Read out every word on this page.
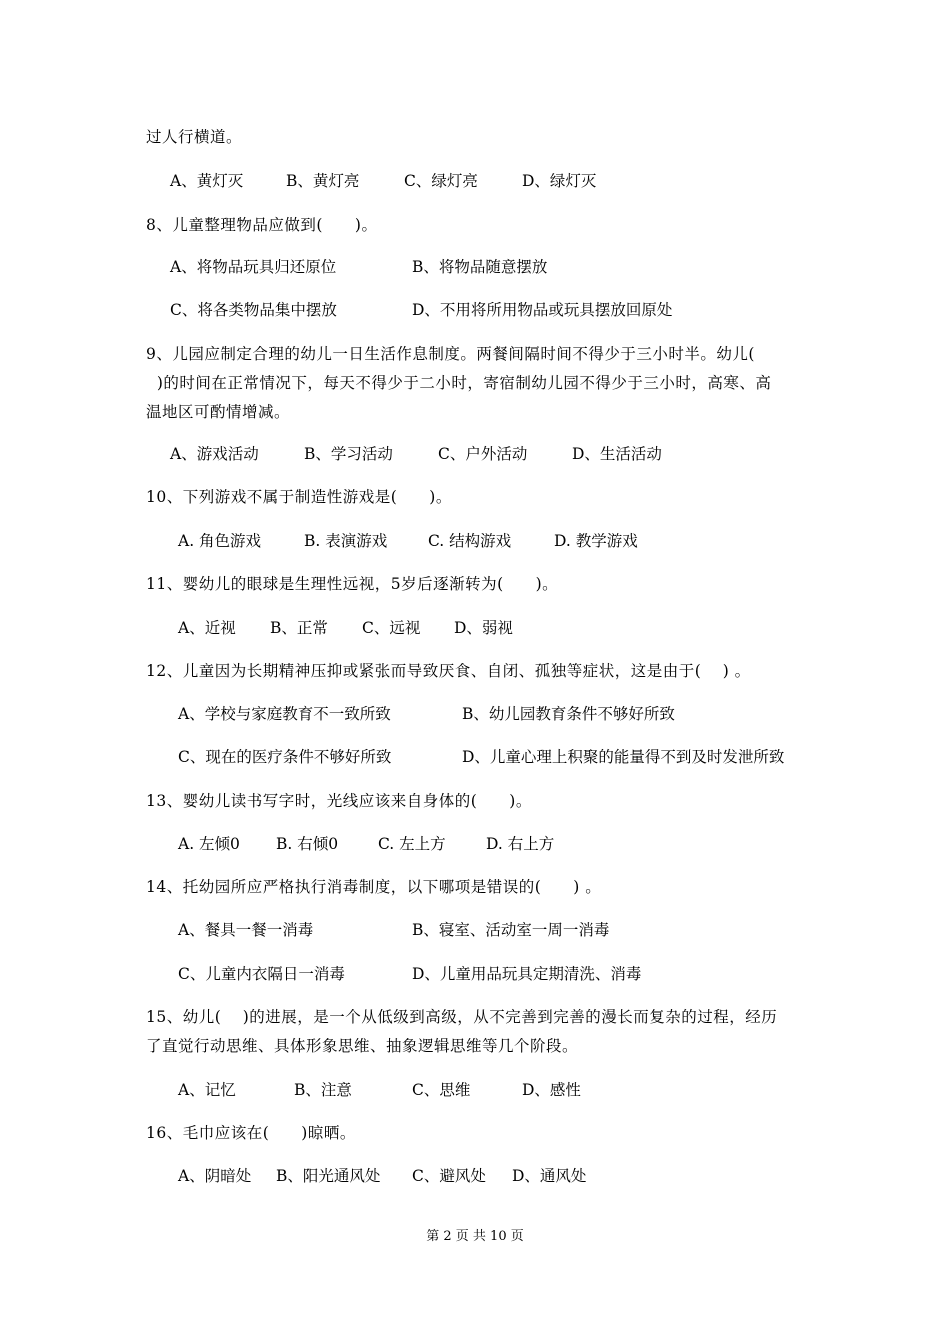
过人行横道。
A、黄灯灭	B、黄灯亮	C、绿灯亮	D、绿灯灭
8、儿童整理物品应做到(　　)。
A、将物品玩具归还原位	B、将物品随意摆放
C、将各类物品集中摆放	D、不用将所用物品或玩具摆放回原处
9、儿园应制定合理的幼儿一日生活作息制度。两餐间隔时间不得少于三小时半。幼儿(
)的时间在正常情况下，每天不得少于二小时，寄宿制幼儿园不得少于三小时，高寒、高
温地区可酌情增减。
A、游戏活动	B、学习活动	C、户外活动	D、生活活动
10、下列游戏不属于制造性游戏是(　　)。
A. 角色游戏	B. 表演游戏	C. 结构游戏	D. 教学游戏
11、婴幼儿的眼球是生理性远视，5岁后逐渐转为(　　)。
A、近视 B、正常 C、远视 D、弱视
12、儿童因为长期精神压抑或紧张而导致厌食、自闭、孤独等症状，这是由于(　 ) 。
A、学校与家庭教育不一致所致	B、幼儿园教育条件不够好所致
C、现在的医疗条件不够好所致	D、儿童心理上积聚的能量得不到及时发泄所致
13、婴幼儿读书写字时，光线应该来自身体的(　　)。
A. 左倾0 B. 右倾0	C. 左上方	D. 右上方
14、托幼园所应严格执行消毒制度，以下哪项是错误的(　　) 。
A、餐具一餐一消毒	B、寝室、活动室一周一消毒
C、儿童内衣隔日一消毒	D、儿童用品玩具定期清洗、消毒
15、幼儿(　 )的进展，是一个从低级到高级，从不完善到完善的漫长而复杂的过程，经历
了直觉行动思维、具体形象思维、抽象逻辑思维等几个阶段。
A、记忆	B、注意	C、思维	D、感性
16、毛巾应该在(　　)晾晒。
A、阴暗处 B、阳光通风处 C、避风处 D、通风处
第 2 页 共 10 页
